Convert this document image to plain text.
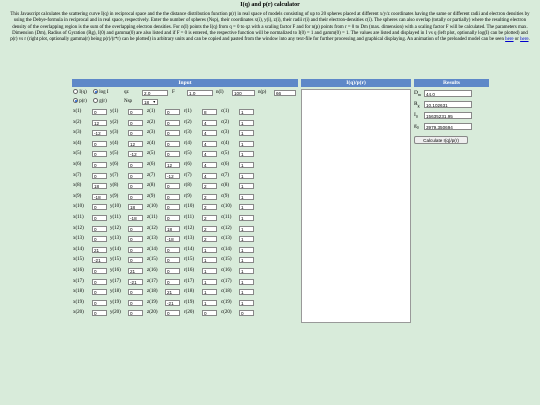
I(q) and p(r) calculator
This Javascript calculates the scattering curve I(q) in reciprocal space and the the distance distribution function p(r) in real space of models consisting of up to 20 spheres placed at different x/y/z coordinates having the same or different radii and electron densities by using the Debye-formula in reciprocal and in real space, respectively. Enter the number of spheres (Nsp), their coordinates x(i), y(i), z(i), their radii r(i) and their electron-densities c(i). The spheres can also overlap (totally or partially) where the resulting electron density of the overlapping region is the sum of the overlapping electron densities. For n(I) points the I(q) from q = 0 to qz with a scaling factor F and for n(p) points from r = 0 to Dm (max. dimension) with a scaling factor F will be calculated. The parameters max. Dimension (Dm), Radius of Gyration (Rg), I(0) and gamma(0) are also listed and if F = 0 is entered, the respective function will be normalized to I(0) = 1 and gamm(0) = 1. The values are listed and displayed in I vs q (left plot, optionally log(I) can be plotted) and p(r) vs r (right plot, optionally gamma(r) being p(r)/(r*r) can be plotted) in arbitrary units and can be copied and pasted from the window into any text-file for further processing and graphical displaying. An animation of the preloaded model can be seen here or here.
Input	I(q)/p(r)	Results
I(q)	log I	qz	2.0	F	1.0	n(I)	100	n(p)	66
p(r)	g(r)	Nsp	18 ▼
x(1)	0	y(1)	0	z(1)	0	r(1)	8	c(1)	1
x(2)	12	y(2)	0	z(2)	0	r(2)	4	c(2)	1
x(3)	-12	y(3)	0	z(3)	0	r(3)	4	c(3)	1
x(4)	0	y(4)	12	z(4)	0	r(4)	4	c(4)	1
x(5)	0	y(5)	-12	z(5)	0	r(5)	4	c(5)	1
x(6)	0	y(6)	0	z(6)	12	r(6)	4	c(6)	1
x(7)	0	y(7)	0	z(7)	-12	r(7)	4	c(7)	1
x(8)	18	y(8)	0	z(8)	0	r(8)	2	c(8)	1
x(9)	-18	y(9)	0	z(9)	0	r(9)	2	c(9)	1
x(10)	0	y(10)	18	z(10)	0	r(10)	2	c(10)	1
x(11)	0	y(11)	-18	z(11)	0	r(11)	2	c(11)	1
x(12)	0	y(12)	0	z(12)	18	r(12)	2	c(12)	1
x(13)	0	y(13)	0	z(13)	-18	r(13)	2	c(13)	1
x(14)	21	y(14)	0	z(14)	0	r(14)	1	c(14)	1
x(15)	-21	y(15)	0	z(15)	0	r(15)	1	c(15)	1
x(16)	0	y(16)	21	z(16)	0	r(16)	1	c(16)	1
x(17)	0	y(17)	-21	z(17)	0	r(17)	1	c(17)	1
x(18)	0	y(18)	0	z(18)	21	r(18)	1	c(18)	1
x(19)	0	y(19)	0	z(19)	-21	r(19)	1	c(19)	1
x(20)	0	y(20)	0	z(20)	0	r(20)	0	c(20)	0
$D_m$	44.0
$R_g$	10.102631
$I_0$	15635231.95
$g_0$	3979.350694
Calculate I(q)/p(r)
